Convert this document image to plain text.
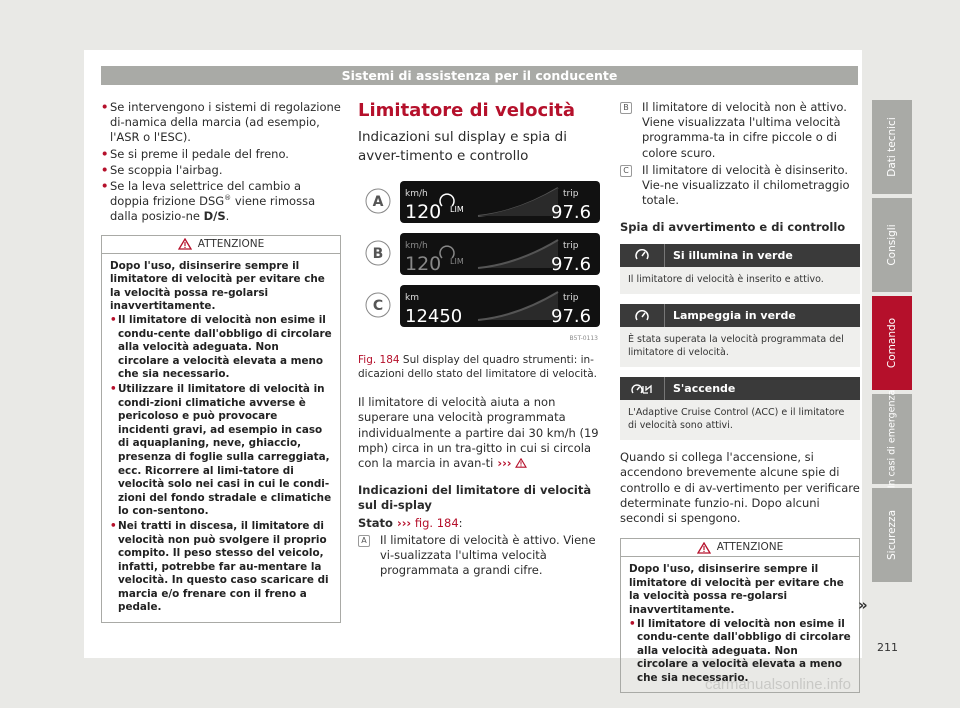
Sistemi di assistenza per il conducente
Dati tecnici
Consigli
Comando
In casi di emergenza
Sicurezza
• Se intervengono i sistemi di regolazione di-namica della marcia (ad esempio, l'ASR o l'ESC).
• Se si preme il pedale del freno.
• Se scoppia l'airbag.
• Se la leva selettrice del cambio a doppia frizione DSG® viene rimossa dalla posizio-ne D/S.
ATTENZIONE

Dopo l'uso, disinserire sempre il limitatore di velocità per evitare che la velocità possa re-golarsi inavvertitamente.

• Il limitatore di velocità non esime il condu-cente dall'obbligo di circolare alla velocità adeguata. Non circolare a velocità elevata a meno che sia necessario.
• Utilizzare il limitatore di velocità in condi-zioni climatiche avverse è pericoloso e può provocare incidenti gravi, ad esempio in caso di aquaplaning, neve, ghiaccio, presenza di foglie sulla carreggiata, ecc. Ricorrere al limi-tatore di velocità solo nei casi in cui le condi-zioni del fondo stradale e climatiche lo con-sentono.
• Nei tratti in discesa, il limitatore di velocità non può svolgere il proprio compito. Il peso stesso del veicolo, infatti, potrebbe far au-mentare la velocità. In questo caso scaricare di marcia e/o frenare con il freno a pedale.
Limitatore di velocità
Indicazioni sul display e spia di avver-timento e controllo
A km/h
120 LIM
trip
97.6
B km/h
120 LIM
trip
97.6
C km
12450
trip
97.6
B5T-0113
Fig. 184 Sul display del quadro strumenti: in-dicazioni dello stato del limitatore di velocità.
Il limitatore di velocità aiuta a non superare una velocità programmata individualmente a partire dai 30 km/h (19 mph) circa in un tra-gitto in cui si circola con la marcia in avan-ti ›››
Indicazioni del limitatore di velocità sul di-splay
Stato ››› fig. 184:
A Il limitatore di velocità è attivo. Viene vi-sualizzata l'ultima velocità programmata a grandi cifre.
B Il limitatore di velocità non è attivo. Viene visualizzata l'ultima velocità programma-ta in cifre piccole o di colore scuro.
C Il limitatore di velocità è disinserito. Vie-ne visualizzato il chilometraggio totale.
Spia di avvertimento e di controllo
Si illumina in verde
Il limitatore di velocità è inserito e attivo.
Lampeggia in verde
È stata superata la velocità programmata del limitatore di velocità.
S'accende
L'Adaptive Cruise Control (ACC) e il limitatore di velocità sono attivi.
Quando si collega l'accensione, si accendono brevemente alcune spie di controllo e di av-vertimento per verificare determinate funzio-ni. Dopo alcuni secondi si spengono.
ATTENZIONE

Dopo l'uso, disinserire sempre il limitatore di velocità per evitare che la velocità possa re-golarsi inavvertitamente.

• Il limitatore di velocità non esime il condu-cente dall'obbligo di circolare alla velocità adeguata. Non circolare a velocità elevata a meno che sia necessario.
»
211
carmanualsonline.info
